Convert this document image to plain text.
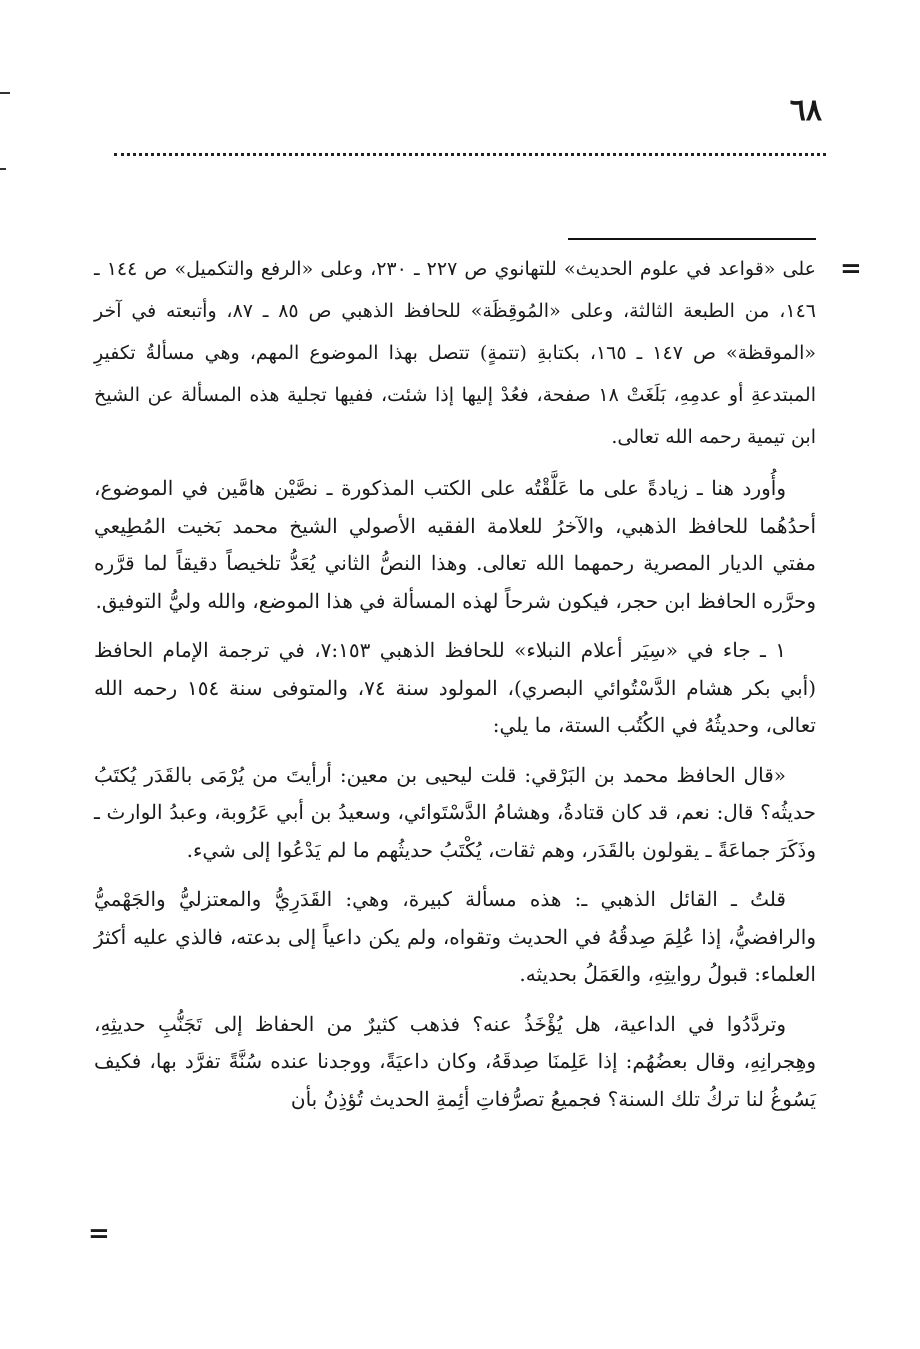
٦٨
=

على «قواعد في علوم الحديث» للتهانوي ص ٢٢٧ ـ ٢٣٠، وعلى «الرفع والتكميل» ص ١٤٤ ـ ١٤٦، من الطبعة الثالثة، وعلى «المُوقِظَة» للحافظ الذهبي ص ٨٥ ـ ٨٧، وأتبعته في آخر «الموقظة» ص ١٤٧ ـ ١٦٥، بكتابةِ (تتمةٍ) تتصل بهذا الموضوع المهم، وهي مسألةُ تكفيرِ المبتدعةِ أو عدمِهِ، بَلَغَتْ ١٨ صفحة، فعُدْ إليها إذا شئت، ففيها تجلية هذه المسألة عن الشيخ ابن تيمية رحمه الله تعالى.

وأُورد هنا ـ زيادةً على ما عَلَّقْتُه على الكتب المذكورة ـ نصَّيْن هامَّين في الموضوع، أحدُهُما للحافظ الذهبي، والآخرُ للعلامة الفقيه الأصولي الشيخ محمد بَخيت المُطِيعي مفتي الديار المصرية رحمهما الله تعالى. وهذا النصُّ الثاني يُعَدُّ تلخيصاً دقيقاً لما قرَّره وحرَّره الحافظ ابن حجر، فيكون شرحاً لهذه المسألة في هذا الموضع، والله وليُّ التوفيق.

١ ـ جاء في «سِيَر أعلام النبلاء» للحافظ الذهبي ٧:١٥٣، في ترجمة الإمام الحافظ (أبي بكر هشام الدَّسْتُوائي البصري)، المولود سنة ٧٤، والمتوفى سنة ١٥٤ رحمه الله تعالى، وحديثُهُ في الكُتُب الستة، ما يلي:

«قال الحافظ محمد بن البَرْقي: قلت ليحيى بن معين: أرأيتَ من يُرْمَى بالقَدَر يُكتَبُ حديثُه؟ قال: نعم، قد كان قتادةُ، وهشامُ الدَّسْتَوائي، وسعيدُ بن أبي عَرُوبة، وعبدُ الوارث ـ وذَكَرَ جماعَةً ـ يقولون بالقَدَر، وهم ثقات، يُكْتَبُ حديثُهم ما لم يَدْعُوا إلى شيء.

قلتُ ـ القائل الذهبي ـ: هذه مسألة كبيرة، وهي: القَدَرِيُّ والمعتزليُّ والجَهْميُّ والرافضيُّ، إذا عُلِمَ صِدقُهُ في الحديث وتقواه، ولم يكن داعياً إلى بدعته، فالذي عليه أكثرُ العلماء: قبولُ روايتِهِ، والعَمَلُ بحديثه.

وتردَّدُوا في الداعية، هل يُؤْخَذُ عنه؟ فذهب كثيرٌ من الحفاظ إلى تَجَنُّبِ حديثِهِ، وهِجرانِهِ، وقال بعضُهُم: إذا عَلِمنَا صِدقَهُ، وكان داعيَةً، ووجدنا عنده سُنَّةً تفرَّد بها، فكيف يَسُوغُ لنا تركُ تلك السنة؟ فجميعُ تصرُّفاتِ أئِمةِ الحديث تُؤذِنُ بأن

=
